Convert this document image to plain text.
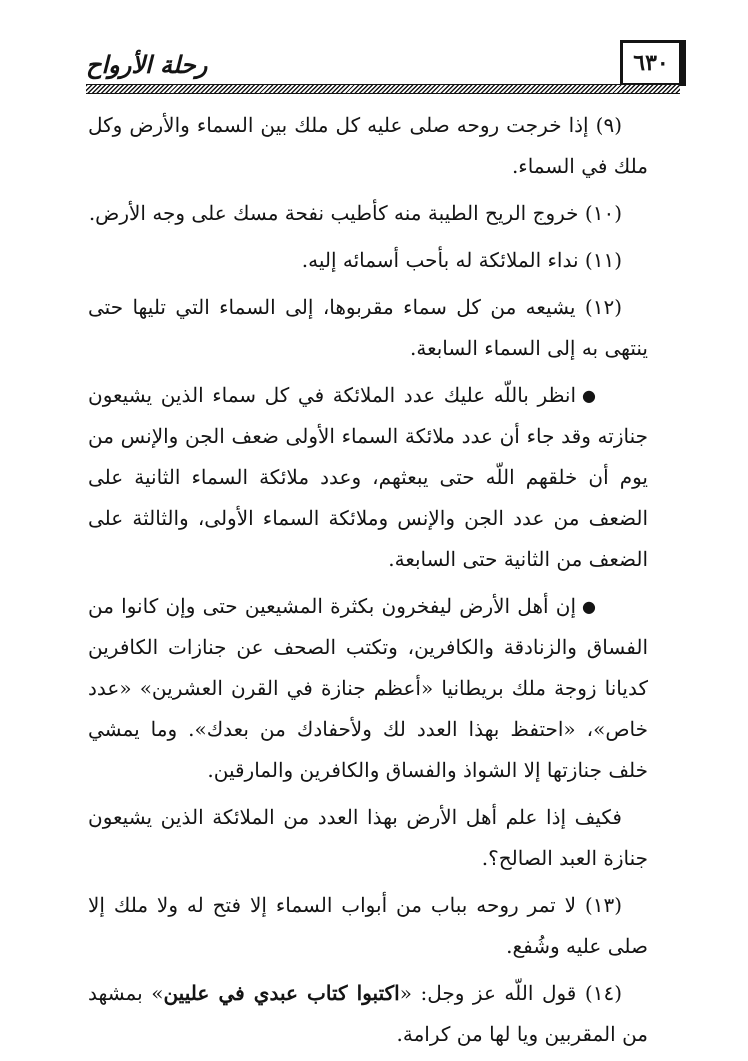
رحلة الأرواح	٦٣٠

(٩) إذا خرجت روحه صلى عليه كل ملك بين السماء والأرض وكل ملك في السماء.

(١٠) خروج الريح الطيبة منه كأطيب نفحة مسك على وجه الأرض.

(١١) نداء الملائكة له بأحب أسمائه إليه.

(١٢) يشيعه من كل سماء مقربوها، إلى السماء التي تليها حتى ينتهى به إلى السماء السابعة.

●انظر باللّه عليك عدد الملائكة في كل سماء الذين يشيعون جنازته وقد جاء أن عدد ملائكة السماء الأولى ضعف الجن والإنس من يوم أن خلقهم اللّه حتى يبعثهم، وعدد ملائكة السماء الثانية على الضعف من عدد الجن والإنس وملائكة السماء الأولى، والثالثة على الضعف من الثانية حتى السابعة.

●إن أهل الأرض ليفخرون بكثرة المشيعين حتى وإن كانوا من الفساق والزنادقة والكافرين، وتكتب الصحف عن جنازات الكافرين كديانا زوجة ملك بريطانيا «أعظم جنازة في القرن العشرين» «عدد خاص»، «احتفظ بهذا العدد لك ولأحفادك من بعدك». وما يمشي خلف جنازتها إلا الشواذ والفساق والكافرين والمارقين.

فكيف إذا علم أهل الأرض بهذا العدد من الملائكة الذين يشيعون جنازة العبد الصالح؟.

(١٣) لا تمر روحه بباب من أبواب السماء إلا فتح له ولا ملك إلا صلى عليه وشُفع.

(١٤) قول اللّه عز وجل: «اكتبوا كتاب عبدي في عليين» بمشهد من المقربين ويا لها من كرامة.
